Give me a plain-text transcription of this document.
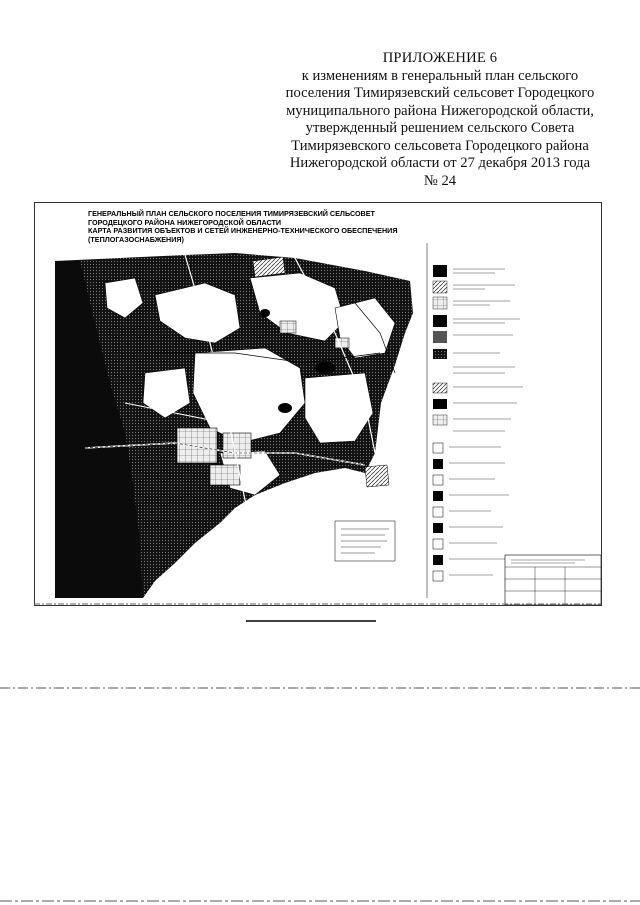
ПРИЛОЖЕНИЕ 6
к изменениям в генеральный план сельского
поселения Тимирязевский сельсовет Городецкого
муниципального района Нижегородской области,
утвержденный решением сельского Совета
Тимирязевского сельсовета Городецкого района
Нижегородской области от 27 декабря 2013 года
№ 24
ГЕНЕРАЛЬНЫЙ ПЛАН СЕЛЬСКОГО ПОСЕЛЕНИЯ ТИМИРЯЗЕВСКИЙ СЕЛЬСОВЕТ
ГОРОДЕЦКОГО РАЙОНА НИЖЕГОРОДСКОЙ ОБЛАСТИ
КАРТА РАЗВИТИЯ ОБЪЕКТОВ И СЕТЕЙ ИНЖЕНЕРНО-ТЕХНИЧЕСКОГО ОБЕСПЕЧЕНИЯ
(ТЕПЛОГАЗОСНАБЖЕНИЯ)
